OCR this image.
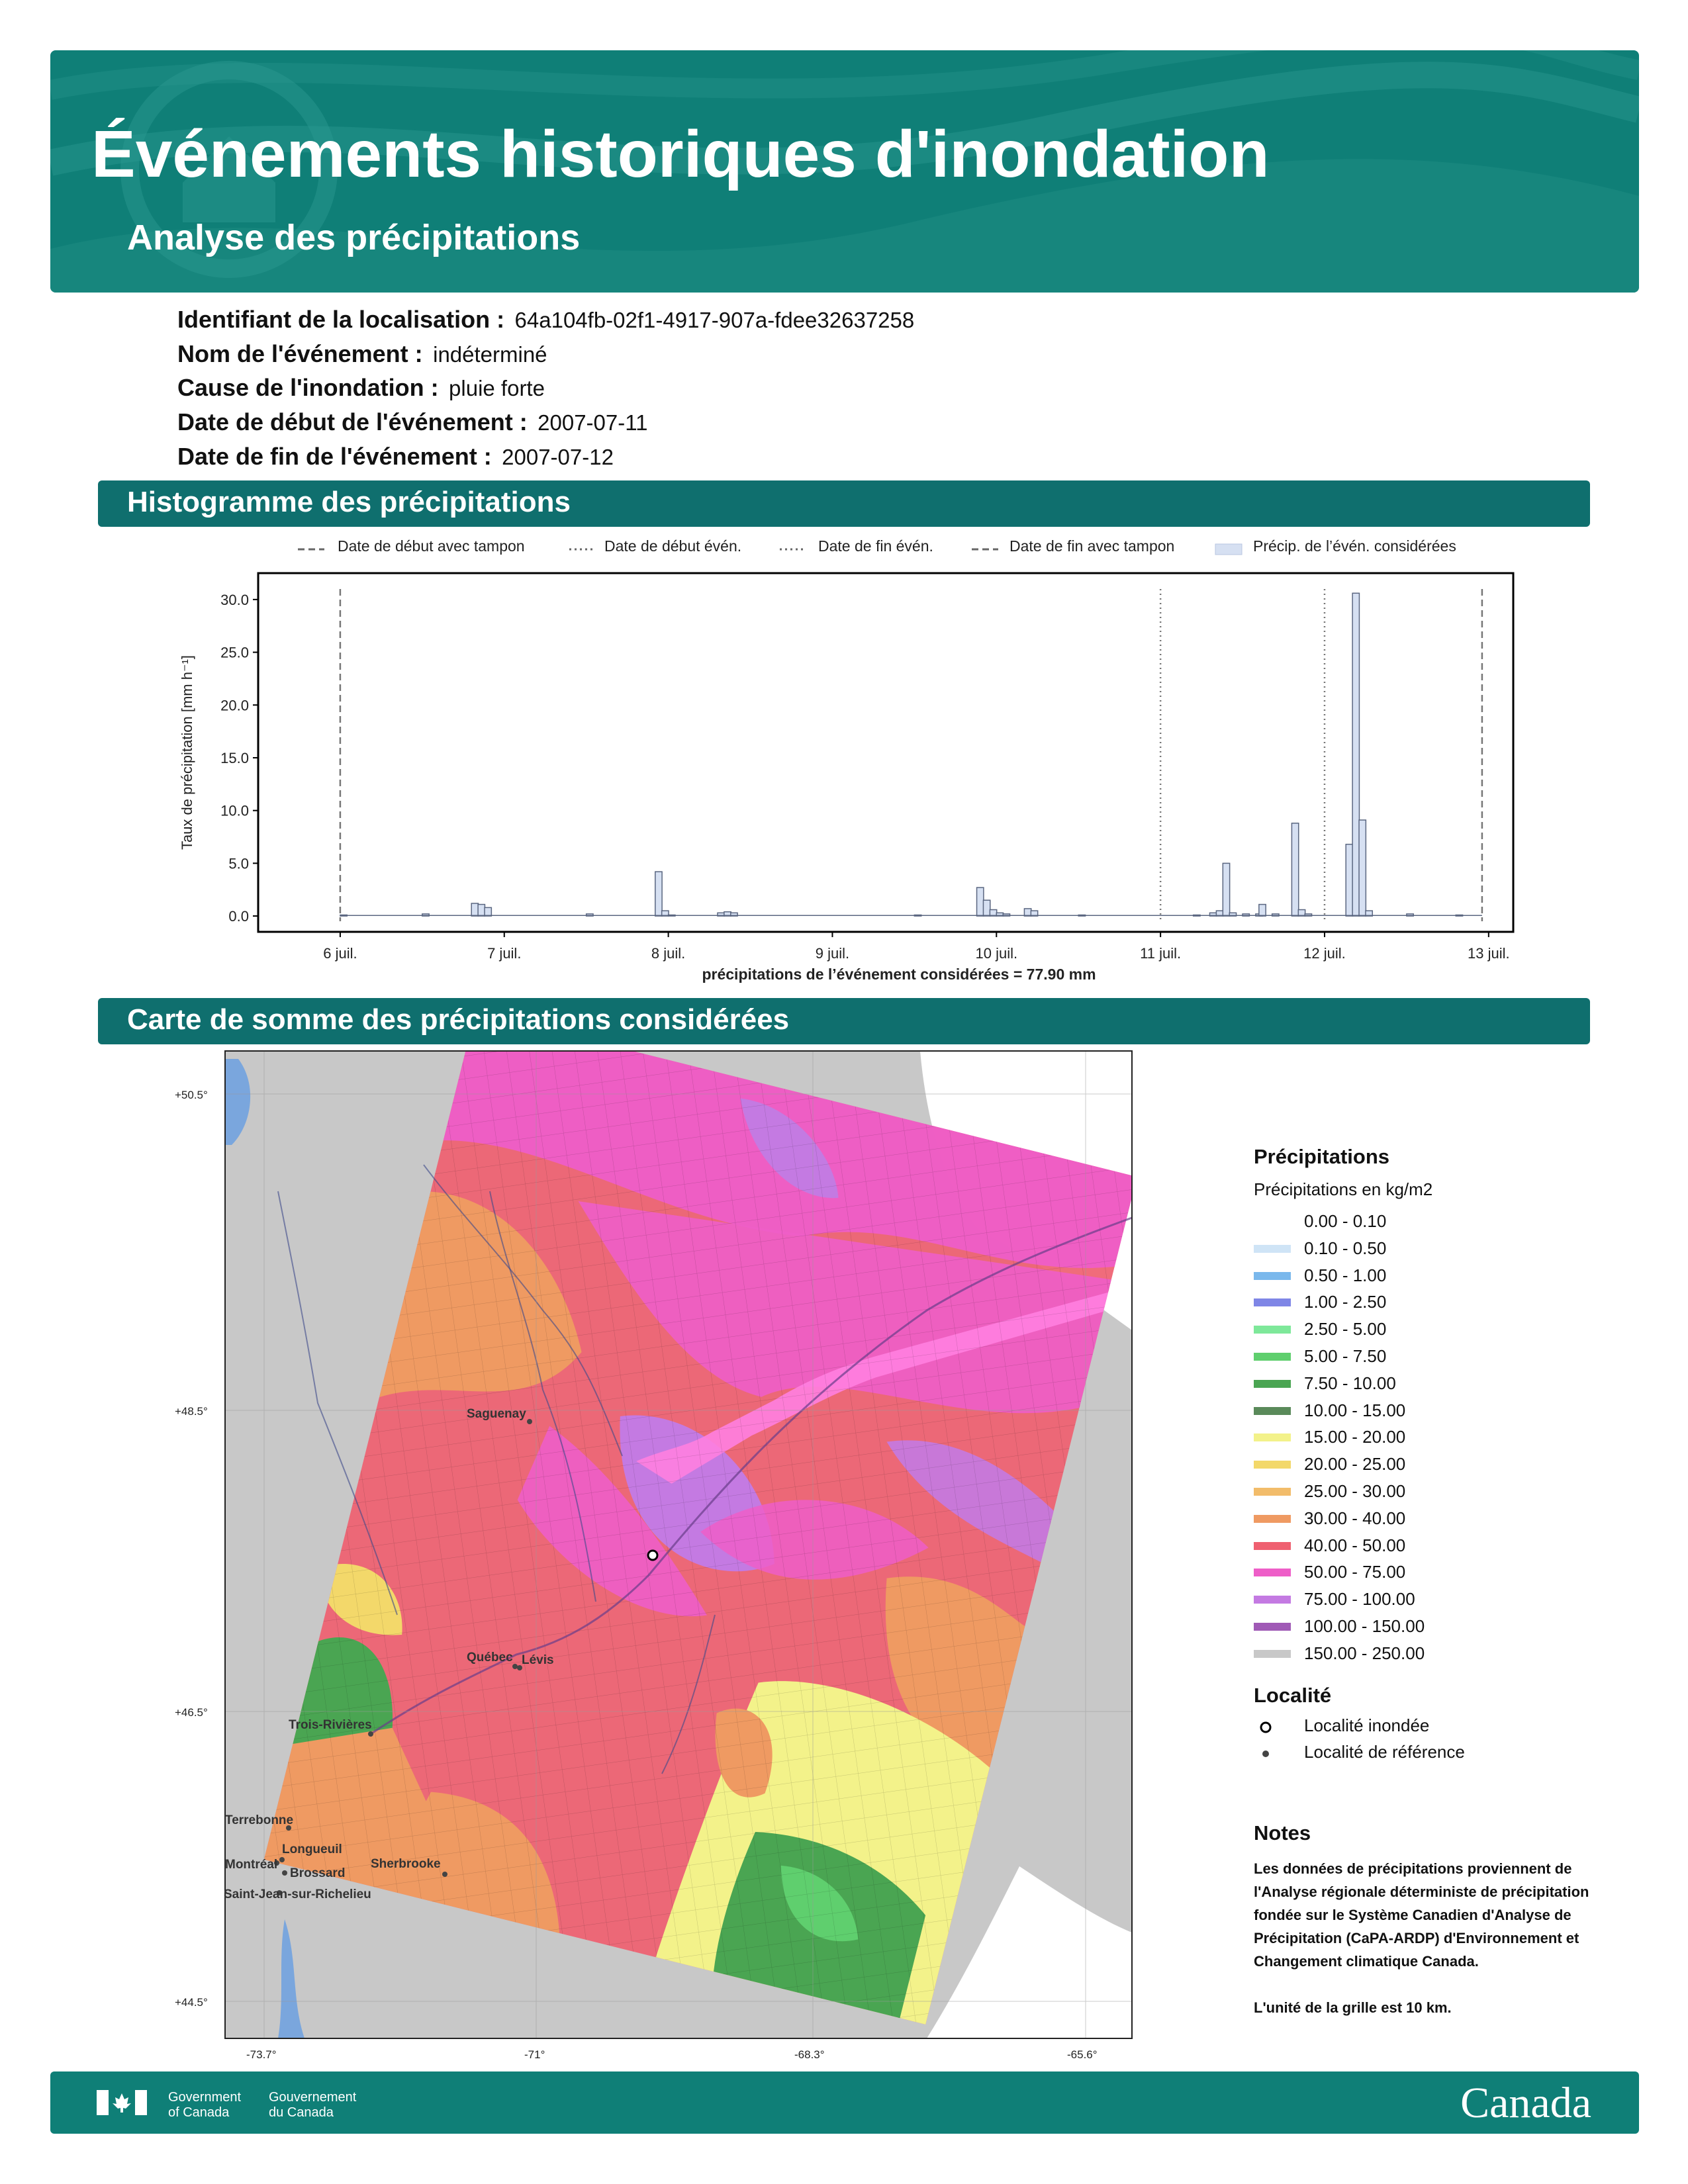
Événements historiques d'inondation
Analyse des précipitations
Identifiant de la localisation : 64a104fb-02f1-4917-907a-fdee32637258
Nom de l'événement : indéterminé
Cause de l'inondation : pluie forte
Date de début de l'événement : 2007-07-11
Date de fin de l'événement : 2007-07-12
Histogramme des précipitations
Date de début avec tampon	Date de début évén.	Date de fin évén.	Date de fin avec tampon	Précip. de l’évén. considérées
0.0
5.0
10.0
15.0
20.0
25.0
30.0
6 juil.	7 juil.	8 juil.	9 juil.	10 juil.	11 juil.	12 juil.	13 juil.
Taux de précipitation [mm h⁻¹]
précipitations de l’événement considérées = 77.90 mm
Carte de somme des précipitations considérées
Saguenay
Québec Lévis
Trois-Rivières
Terrebonne
Longueuil
Montréal
Brossard
Sherbrooke
Saint-Jean-sur-Richelieu
+50.5°
+48.5°
+46.5°
+44.5°
-73.7°	-71°	-68.3°	-65.6°
Précipitations
Précipitations en kg/m2
0.00 - 0.10
0.10 - 0.50
0.50 - 1.00
1.00 - 2.50
2.50 - 5.00
5.00 - 7.50
7.50 - 10.00
10.00 - 15.00
15.00 - 20.00
20.00 - 25.00
25.00 - 30.00
30.00 - 40.00
40.00 - 50.00
50.00 - 75.00
75.00 - 100.00
100.00 - 150.00
150.00 - 250.00
Localité
Localité inondée
Localité de référence
Notes
Les données de précipitations proviennent de l'Analyse régionale déterministe de précipitation fondée sur le Système Canadien d'Analyse de Précipitation (CaPA-ARDP) d'Environnement et Changement climatique Canada.
L'unité de la grille est 10 km.
Government of Canada
Gouvernement du Canada	Canada
